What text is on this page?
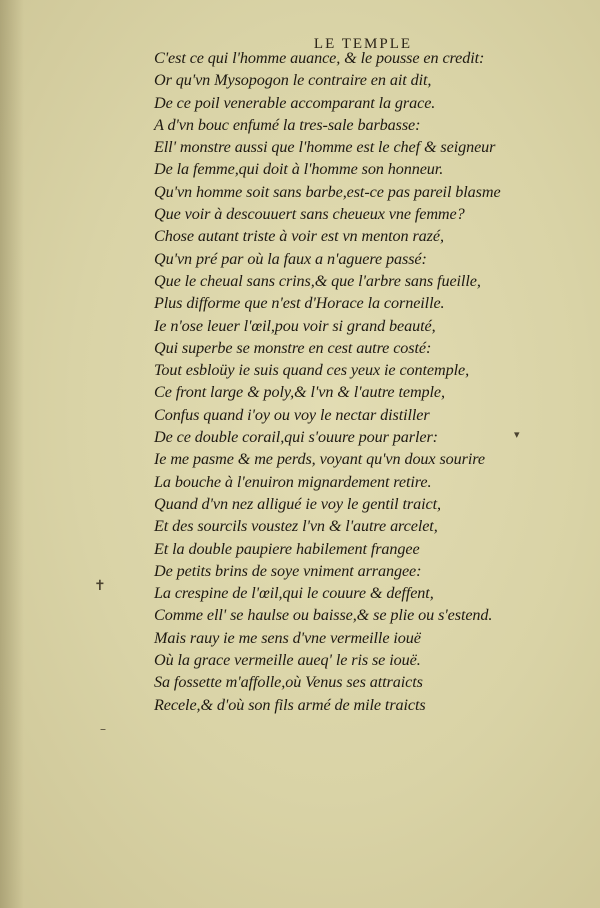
LE TEMPLE
C'est ce qui l'homme auance, & le pousse en credit:
Or qu'vn Mysopogon le contraire en ait dit,
De ce poil venerable accomparant la grace.
A d'vn bouc enfumé la tres-sale barbasse:
Ell' monstre aussi que l'homme est le chef & seigneur
De la femme,qui doit à l'homme son honneur.
Qu'vn homme soit sans barbe,est-ce pas pareil blasme
Que voir à descouuert sans cheueux vne femme?
Chose autant triste à voir est vn menton razé,
Qu'vn pré par où la faux a n'aguere passé:
Que le cheual sans crins,& que l'arbre sans fueille,
Plus difforme que n'est d'Horace la corneille.
Ie n'ose leuer l'œil,pou voir si grand beauté,
Qui superbe se monstre en cest autre costé:
Tout esbloüy ie suis quand ces yeux ie contemple,
Ce front large & poly,& l'vn & l'autre temple,
Confus quand i'oy ou voy le nectar distiller
De ce double corail,qui s'ouure pour parler:
Ie me pasme & me perds, voyant qu'vn doux sourire
La bouche à l'enuiron mignardement retire.
Quand d'vn nez alligué ie voy le gentil traict,
Et des sourcils voustez l'vn & l'autre arcelet,
Et la double paupiere habilement frangee
De petits brins de soye vniment arrangee:
La crespine de l'œil,qui le couure & deffent,
Comme ell' se haulse ou baisse,& se plie ou s'estend.
Mais rauy ie me sens d'vne vermeille iouë
Où la grace vermeille aueq' le ris se iouë.
Sa fossette m'affolle,où Venus ses attraicts
Recele,& d'où son fils armé de mile traicts
▾
✝
–
